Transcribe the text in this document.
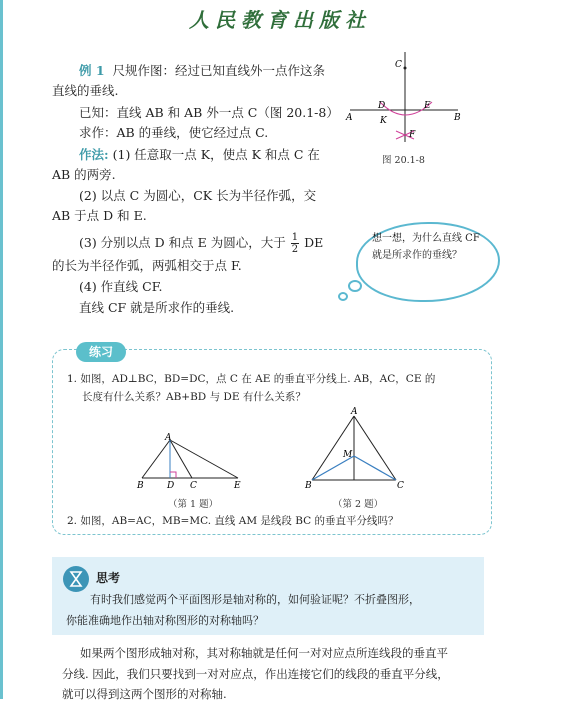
人民教育出版社
例 1 尺规作图：经过已知直线外一点作这条
直线的垂线.
已知：直线 AB 和 AB 外一点 C（图 20.1-8）
求作：AB 的垂线，使它经过点 C.
作法: (1) 任意取一点 K，使点 K 和点 C 在
AB 的两旁.
(2) 以点 C 为圆心，CK 长为半径作弧，交
AB 于点 D 和 E.
(3) 分别以点 D 和点 E 为圆心，大于 $\frac{1}{2}$ DE
的长为半径作弧，两弧相交于点 F.
(4) 作直线 CF.
直线 CF 就是所求作的垂线.
C
A	B
D	E
K
F
图 20.1-8
想一想，为什么直线 CF 就是所求作的垂线？
练习
1. 如图，AD⊥BC，BD=DC，点 C 在 AE 的垂直平分线上. AB，AC，CE 的
长度有什么关系？AB+BD 与 DE 有什么关系？
A
B	D C	E
（第 1 题）
A
M
B	C
（第 2 题）
2. 如图，AB=AC，MB=MC. 直线 AM 是线段 BC 的垂直平分线吗？
思考
有时我们感觉两个平面图形是轴对称的，如何验证呢？不折叠图形，
你能准确地作出轴对称图形的对称轴吗？
如果两个图形成轴对称，其对称轴就是任何一对对应点所连线段的垂直平
分线. 因此，我们只要找到一对对应点，作出连接它们的线段的垂直平分线，
就可以得到这两个图形的对称轴.
